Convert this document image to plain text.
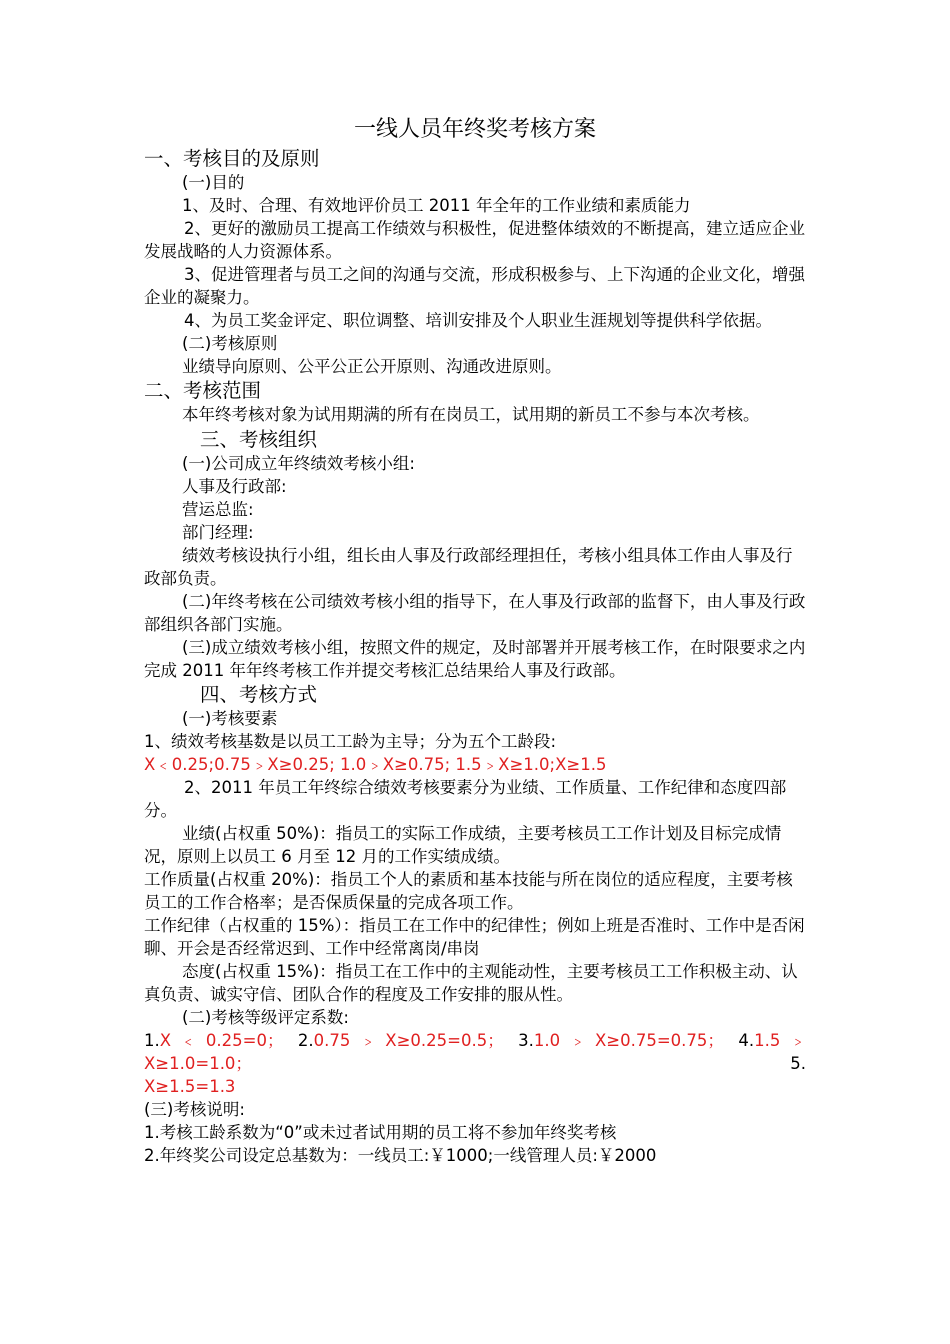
一线人员年终奖考核方案

一、考核目的及原则

(一)目的

1、及时、合理、有效地评价员工 2011 年全年的工作业绩和素质能力

2、更好的激励员工提高工作绩效与积极性，促进整体绩效的不断提高，建立适应企业发展战略的人力资源体系。

3、促进管理者与员工之间的沟通与交流，形成积极参与、上下沟通的企业文化，增强企业的凝聚力。

4、为员工奖金评定、职位调整、培训安排及个人职业生涯规划等提供科学依据。

(二)考核原则

业绩导向原则、公平公正公开原则、沟通改进原则。

二、考核范围

本年终考核对象为试用期满的所有在岗员工，试用期的新员工不参与本次考核。

三、考核组织

(一)公司成立年终绩效考核小组:

人事及行政部:

营运总监:

部门经理:

绩效考核设执行小组，组长由人事及行政部经理担任，考核小组具体工作由人事及行政部负责。

(二)年终考核在公司绩效考核小组的指导下，在人事及行政部的监督下，由人事及行政部组织各部门实施。

(三)成立绩效考核小组，按照文件的规定，及时部署并开展考核工作，在时限要求之内完成 2011 年年终考核工作并提交考核汇总结果给人事及行政部。

四、考核方式

(一)考核要素

1、绩效考核基数是以员工工龄为主导；分为五个工龄段:

X﹤0.25;0.75﹥X≥0.25; 1.0﹥X≥0.75; 1.5﹥X≥1.0;X≥1.5

2、2011 年员工年终综合绩效考核要素分为业绩、工作质量、工作纪律和态度四部分。

业绩(占权重 50%)：指员工的实际工作成绩，主要考核员工工作计划及目标完成情况，原则上以员工 6 月至 12 月的工作实绩成绩。

工作质量(占权重 20%)：指员工个人的素质和基本技能与所在岗位的适应程度，主要考核员工的工作合格率；是否保质保量的完成各项工作。

工作纪律（占权重的 15%）：指员工在工作中的纪律性；例如上班是否准时、工作中是否闲聊、开会是否经常迟到、工作中经常离岗/串岗

态度(占权重 15%)：指员工在工作中的主观能动性，主要考核员工工作积极主动、认真负责、诚实守信、团队合作的程度及工作安排的服从性。

(二)考核等级评定系数:

1.X﹤0.25=0； 2.0.75﹥X≥0.25=0.5； 3.1.0﹥X≥0.75=0.75； 4.1.5﹥X≥1.0=1.0；	5.

X≥1.5=1.3

(三)考核说明:

1.考核工龄系数为“0”或未过者试用期的员工将不参加年终奖考核

2.年终奖公司设定总基数为：一线员工:￥1000;一线管理人员:￥2000
